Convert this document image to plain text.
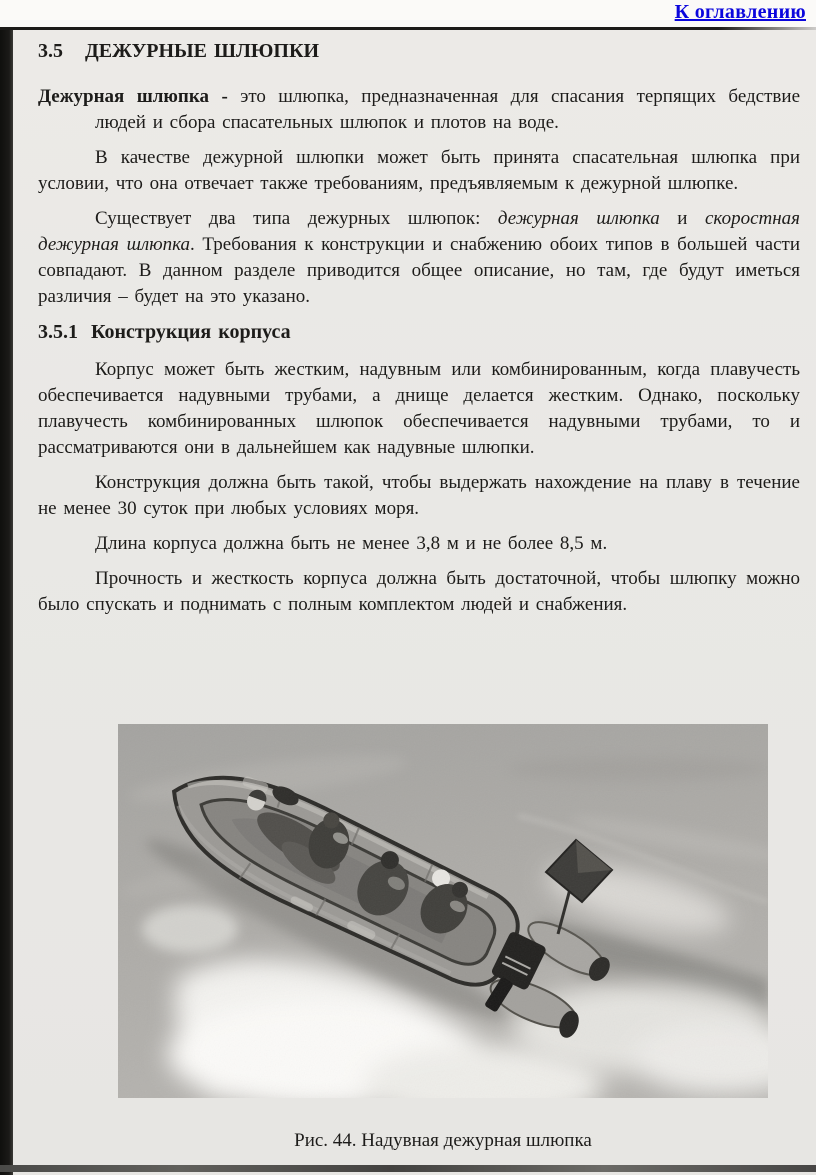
К оглавлению
3.5 ДЕЖУРНЫЕ ШЛЮПКИ

Дежурная шлюпка - это шлюпка, предназначенная для спасания терпящих бедствие людей и сбора спасательных шлюпок и плотов на воде.

В качестве дежурной шлюпки может быть принята спасательная шлюпка при условии, что она отвечает также требованиям, предъявляемым к дежурной шлюпке.

Существует два типа дежурных шлюпок: дежурная шлюпка и скоростная дежурная шлюпка. Требования к конструкции и снабжению обоих типов в большей части совпадают. В данном разделе приводится общее описание, но там, где будут иметься различия – будет на это указано.

3.5.1 Конструкция корпуса

Корпус может быть жестким, надувным или комбинированным, когда плавучесть обеспечивается надувными трубами, а днище делается жестким. Однако, поскольку плавучесть комбинированных шлюпок обеспечивается надувными трубами, то и рассматриваются они в дальнейшем как надувные шлюпки.

Конструкция должна быть такой, чтобы выдержать нахождение на плаву в течение не менее 30 суток при любых условиях моря.

Длина корпуса должна быть не менее 3,8 м и не более 8,5 м.

Прочность и жесткость корпуса должна быть достаточной, чтобы шлюпку можно было спускать и поднимать с полным комплектом людей и снабжения.

Рис. 44. Надувная дежурная шлюпка
